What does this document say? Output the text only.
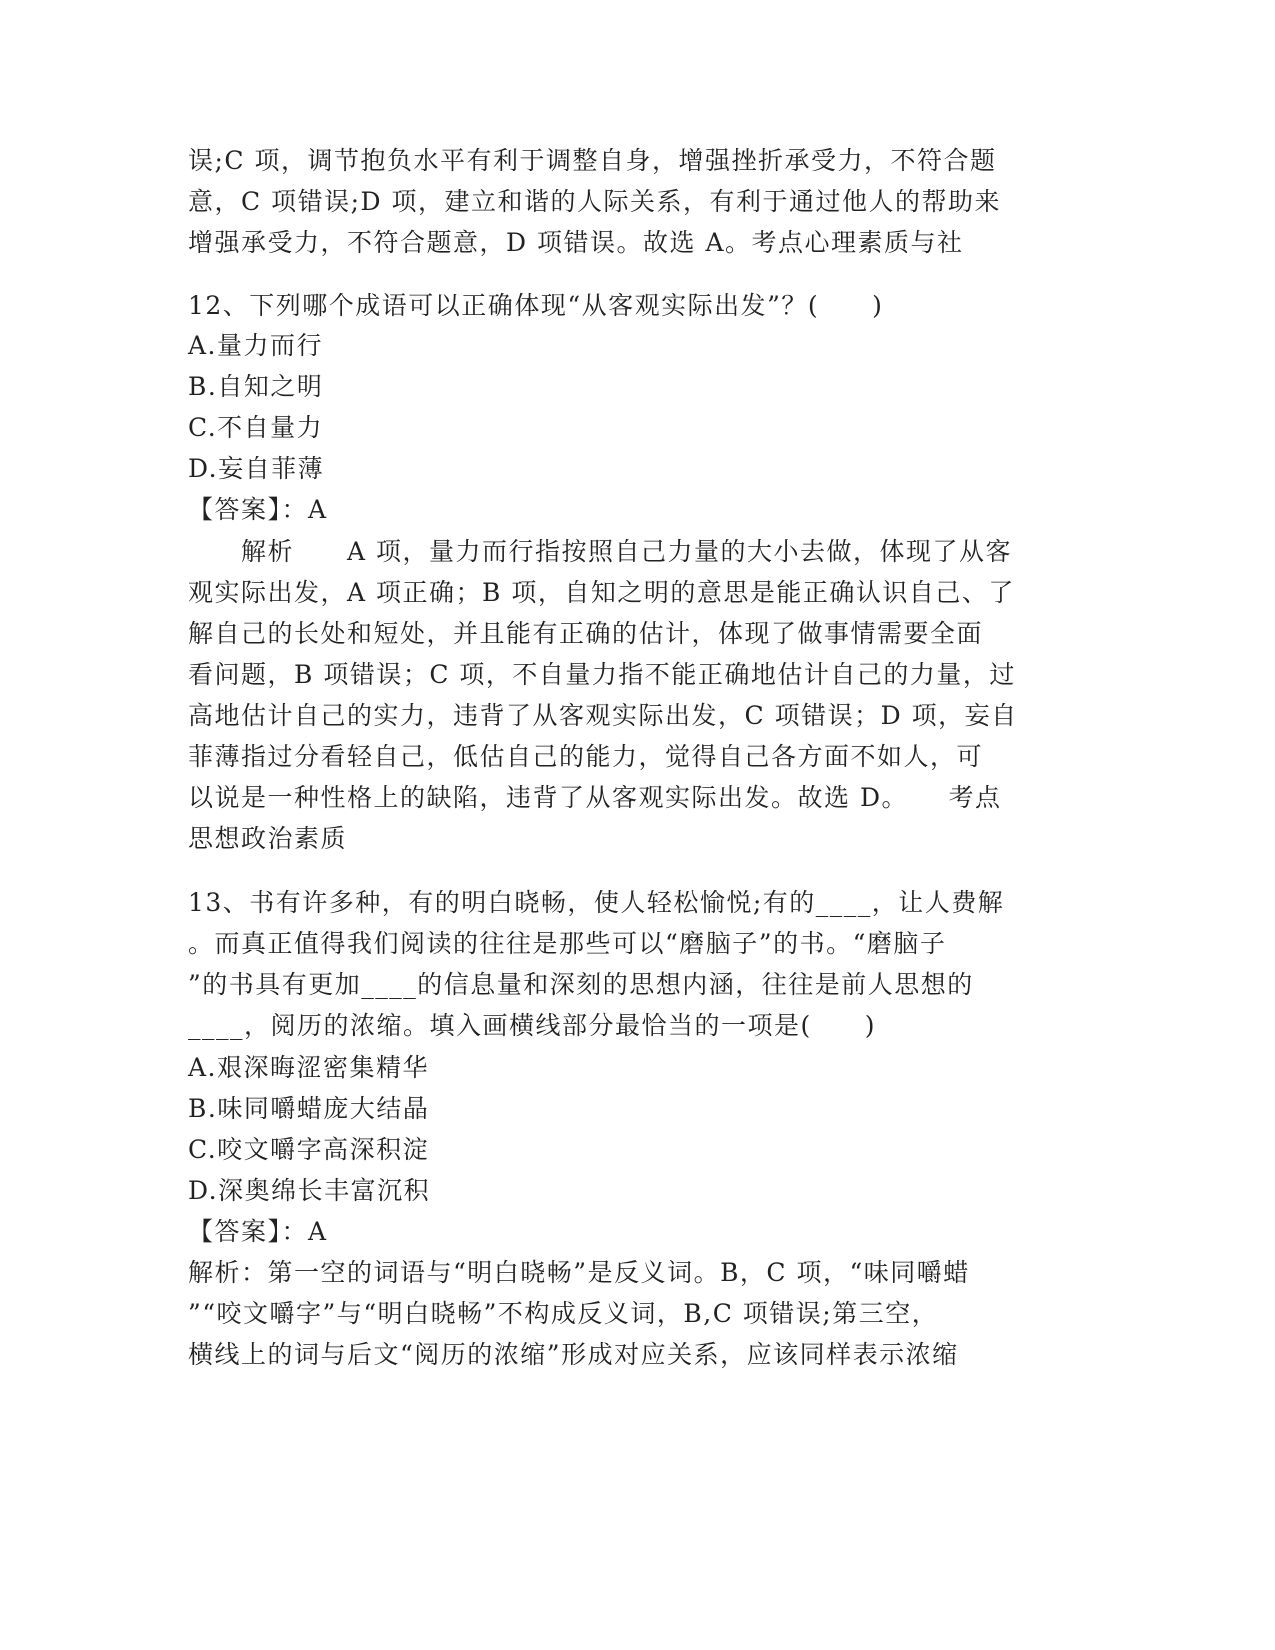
误;C 项，调节抱负水平有利于调整自身，增强挫折承受力，不符合题
意，C 项错误;D 项，建立和谐的人际关系，有利于通过他人的帮助来
增强承受力，不符合题意，D 项错误。故选 A。考点心理素质与社
12、下列哪个成语可以正确体现“从客观实际出发”？(　　)
A.量力而行
B.自知之明
C.不自量力
D.妄自菲薄
【答案】：A
　　解析　　A 项，量力而行指按照自己力量的大小去做，体现了从客
观实际出发，A 项正确；B 项，自知之明的意思是能正确认识自己、了
解自己的长处和短处，并且能有正确的估计，体现了做事情需要全面
看问题，B 项错误；C 项，不自量力指不能正确地估计自己的力量，过
高地估计自己的实力，违背了从客观实际出发，C 项错误；D 项，妄自
菲薄指过分看轻自己，低估自己的能力，觉得自己各方面不如人，可
以说是一种性格上的缺陷，违背了从客观实际出发。故选 D。　　考点
思想政治素质
13、书有许多种，有的明白晓畅，使人轻松愉悦;有的____，让人费解
。而真正值得我们阅读的往往是那些可以“磨脑子”的书。“磨脑子
”的书具有更加____的信息量和深刻的思想内涵，往往是前人思想的
____，阅历的浓缩。填入画横线部分最恰当的一项是(　　)
A.艰深晦涩密集精华
B.味同嚼蜡庞大结晶
C.咬文嚼字高深积淀
D.深奥绵长丰富沉积
【答案】：A
解析：第一空的词语与“明白晓畅”是反义词。B，C 项，“味同嚼蜡
”“咬文嚼字”与“明白晓畅”不构成反义词，B,C 项错误;第三空，
横线上的词与后文“阅历的浓缩”形成对应关系，应该同样表示浓缩
